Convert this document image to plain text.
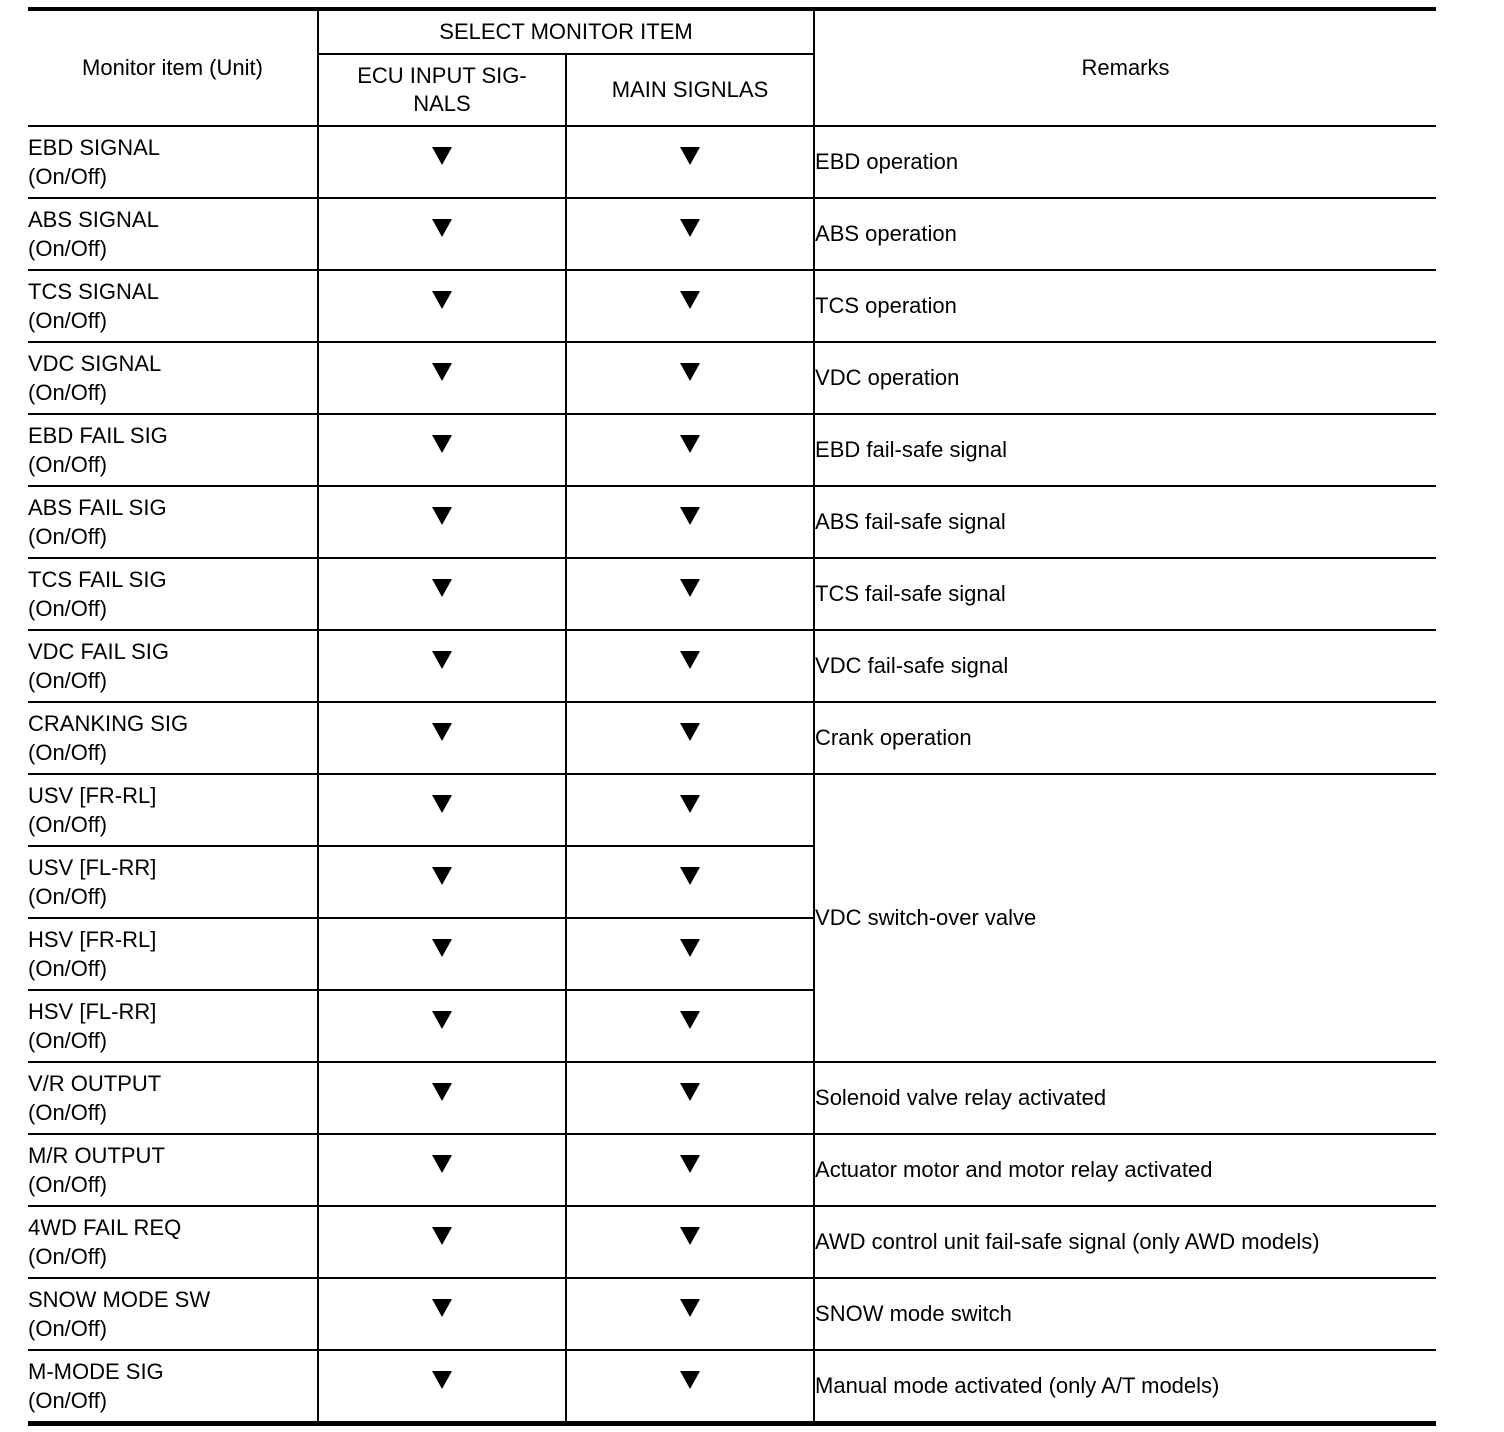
Monitor item (Unit)	SELECT MONITOR ITEM		Remarks

	ECU INPUT SIG-
NALS	MAIN SIGNLAS	

EBD SIGNAL
(On/Off)			EBD operation

ABS SIGNAL
(On/Off)			ABS operation

TCS SIGNAL
(On/Off)			TCS operation

VDC SIGNAL
(On/Off)			VDC operation

EBD FAIL SIG
(On/Off)			EBD fail-safe signal

ABS FAIL SIG
(On/Off)			ABS fail-safe signal

TCS FAIL SIG
(On/Off)			TCS fail-safe signal

VDC FAIL SIG
(On/Off)			VDC fail-safe signal

CRANKING SIG
(On/Off)			Crank operation

USV [FR-RL]
(On/Off)			VDC switch-over valve

USV [FL-RR]
(On/Off)			

HSV [FR-RL]
(On/Off)			

HSV [FL-RR]
(On/Off)			

V/R OUTPUT
(On/Off)			Solenoid valve relay activated

M/R OUTPUT
(On/Off)			Actuator motor and motor relay activated

4WD FAIL REQ
(On/Off)			AWD control unit fail-safe signal (only AWD models)

SNOW MODE SW
(On/Off)			SNOW mode switch

M-MODE SIG
(On/Off)			Manual mode activated (only A/T models)
